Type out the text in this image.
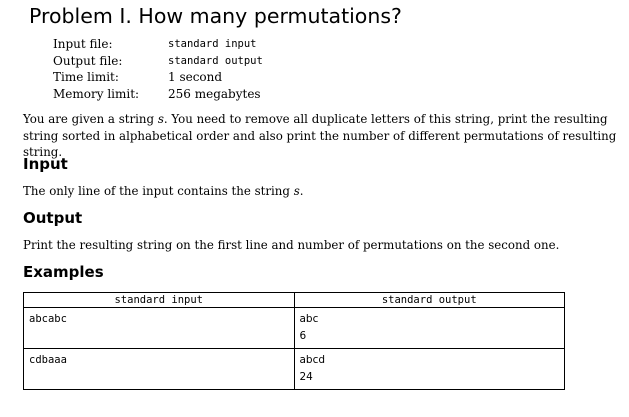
Problem I. How many permutations?
Input file:	standard input
Output file:	standard output
Time limit:	1 second
Memory limit: 256 megabytes
You are given a string s. You need to remove all duplicate letters of this string, print the resulting string sorted in alphabetical order and also print the number of different permutations of resulting string.
Input
The only line of the input contains the string s.
Output
Print the resulting string on the first line and number of permutations on the second one.
Examples
standard input	standard output

abcabc	abc
6

cdbaaa	abcd
24
